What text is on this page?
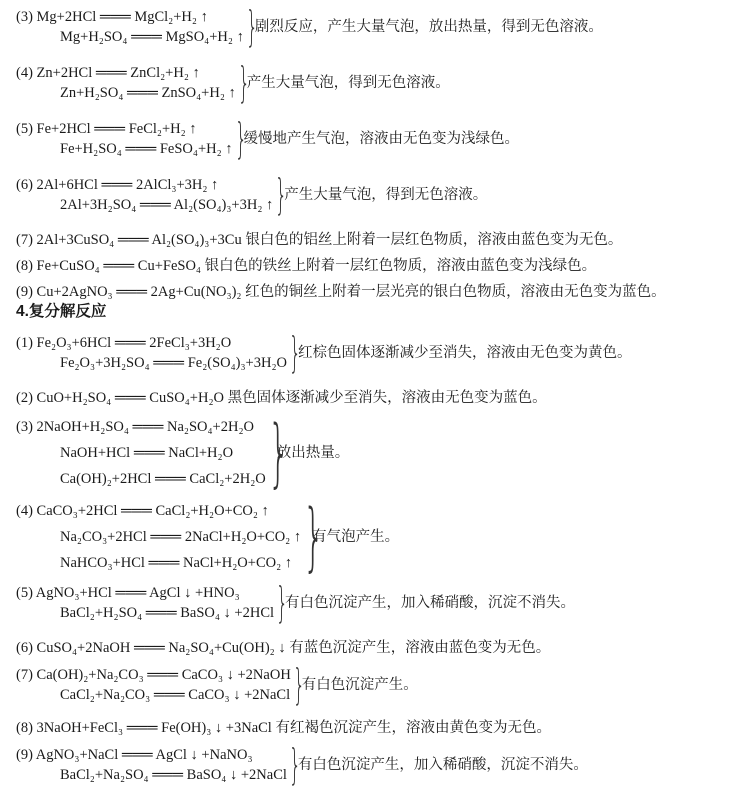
(3) Mg+2HCl ═══ MgCl₂+H₂ ↑
Mg+H₂SO₄ ═══ MgSO₄+H₂ ↑ }
剧烈反应，产生大量气泡，放出热量，得到无色溶液。
(4) Zn+2HCl ═══ ZnCl₂+H₂ ↑
Zn+H₂SO₄ ═══ ZnSO₄+H₂ ↑ }
产生大量气泡，得到无色溶液。
(5) Fe+2HCl ═══ FeCl₂+H₂ ↑
Fe+H₂SO₄ ═══ FeSO₄+H₂ ↑ }
缓慢地产生气泡，溶液由无色变为浅绿色。
(6) 2Al+6HCl ═══ 2AlCl₃+3H₂ ↑
2Al+3H₂SO₄ ═══ Al₂(SO₄)₃+3H₂ ↑ }
产生大量气泡，得到无色溶液。
(7) 2Al+3CuSO₄ ═══ Al₂(SO₄)₃+3Cu 银白色的铝丝上附着一层红色物质，溶液由蓝色变为无色。
(8) Fe+CuSO₄ ═══ Cu+FeSO₄ 银白色的铁丝上附着一层红色物质，溶液由蓝色变为浅绿色。
(9) Cu+2AgNO₃ ═══ 2Ag+Cu(NO₃)₂ 红色的铜丝上附着一层光亮的银白色物质，溶液由无色变为蓝色。
4.复分解反应
(1) Fe₂O₃+6HCl ═══ 2FeCl₃+3H₂O
Fe₂O₃+3H₂SO₄ ═══ Fe₂(SO₄)₃+3H₂O }
红棕色固体逐渐减少至消失，溶液由无色变为黄色。
(2) CuO+H₂SO₄ ═══ CuSO₄+H₂O 黑色固体逐渐减少至消失，溶液由无色变为蓝色。
(3) 2NaOH+H₂SO₄ ═══ Na₂SO₄+2H₂O
NaOH+HCl ═══ NaCl+H₂O
Ca(OH)₂+2HCl ═══ CaCl₂+2H₂O }
放出热量。
(4) CaCO₃+2HCl ═══ CaCl₂+H₂O+CO₂ ↑
Na₂CO₃+2HCl ═══ 2NaCl+H₂O+CO₂ ↑
NaHCO₃+HCl ═══ NaCl+H₂O+CO₂ ↑ }
有气泡产生。
(5) AgNO₃+HCl ═══ AgCl ↓ +HNO₃
BaCl₂+H₂SO₄ ═══ BaSO₄ ↓ +2HCl }
有白色沉淀产生，加入稀硝酸，沉淀不消失。
(6) CuSO₄+2NaOH ═══ Na₂SO₄+Cu(OH)₂ ↓ 有蓝色沉淀产生，溶液由蓝色变为无色。
(7) Ca(OH)₂+Na₂CO₃ ═══ CaCO₃ ↓ +2NaOH
CaCl₂+Na₂CO₃ ═══ CaCO₃ ↓ +2NaCl }
有白色沉淀产生。
(8) 3NaOH+FeCl₃ ═══ Fe(OH)₃ ↓ +3NaCl 有红褐色沉淀产生，溶液由黄色变为无色。
(9) AgNO₃+NaCl ═══ AgCl ↓ +NaNO₃
BaCl₂+Na₂SO₄ ═══ BaSO₄ ↓ +2NaCl }
有白色沉淀产生，加入稀硝酸，沉淀不消失。
